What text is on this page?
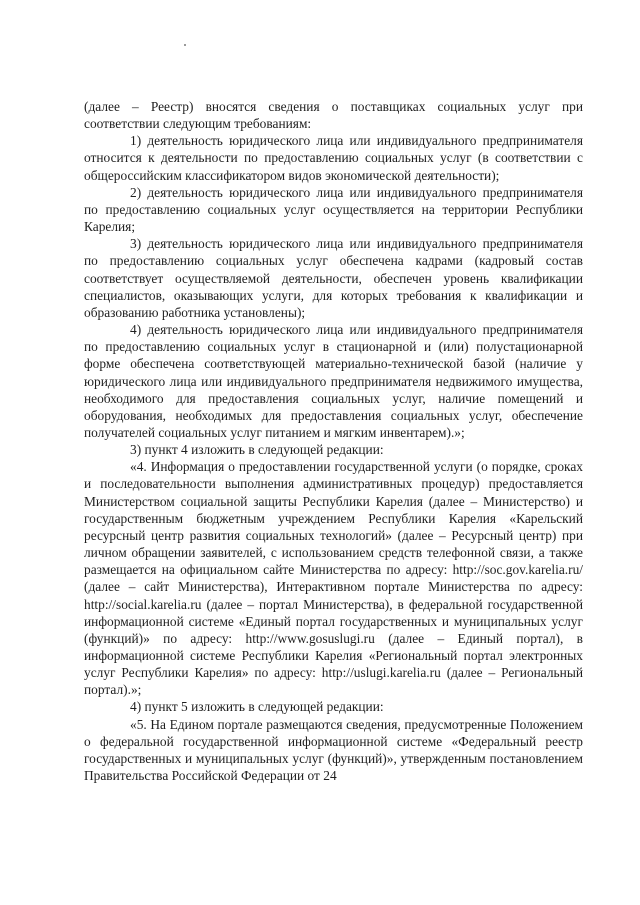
(далее – Реестр) вносятся сведения о поставщиках социальных услуг при соответствии следующим требованиям:

1) деятельность юридического лица или индивидуального предпринимателя относится к деятельности по предоставлению социальных услуг (в соответствии с общероссийским классификатором видов экономической деятельности);

2) деятельность юридического лица или индивидуального предпринимателя по предоставлению социальных услуг осуществляется на территории Республики Карелия;

3) деятельность юридического лица или индивидуального предпринимателя по предоставлению социальных услуг обеспечена кадрами (кадровый состав соответствует осуществляемой деятельности, обеспечен уровень квалификации специалистов, оказывающих услуги, для которых требования к квалификации и образованию работника установлены);

4) деятельность юридического лица или индивидуального предпринимателя по предоставлению социальных услуг в стационарной и (или) полустационарной форме обеспечена соответствующей материально-технической базой (наличие у юридического лица или индивидуального предпринимателя недвижимого имущества, необходимого для предоставления социальных услуг, наличие помещений и оборудования, необходимых для предоставления социальных услуг, обеспечение получателей социальных услуг питанием и мягким инвентарем).»;

3) пункт 4 изложить в следующей редакции:

«4. Информация о предоставлении государственной услуги (о порядке, сроках и последовательности выполнения административных процедур) предоставляется Министерством социальной защиты Республики Карелия (далее – Министерство) и государственным бюджетным учреждением Республики Карелия «Карельский ресурсный центр развития социальных технологий» (далее – Ресурсный центр) при личном обращении заявителей, с использованием средств телефонной связи, а также размещается на официальном сайте Министерства по адресу: http://soc.gov.karelia.ru/ (далее – сайт Министерства), Интерактивном портале Министерства по адресу: http://social.karelia.ru (далее – портал Министерства), в федеральной государственной информационной системе «Единый портал государственных и муниципальных услуг (функций)» по адресу: http://www.gosuslugi.ru (далее – Единый портал), в информационной системе Республики Карелия «Региональный портал электронных услуг Республики Карелия» по адресу: http://uslugi.karelia.ru (далее – Региональный портал).»;

4) пункт 5 изложить в следующей редакции:

«5. На Едином портале размещаются сведения, предусмотренные Положением о федеральной государственной информационной системе «Федеральный реестр государственных и муниципальных услуг (функций)», утвержденным постановлением Правительства Российской Федерации от 24
